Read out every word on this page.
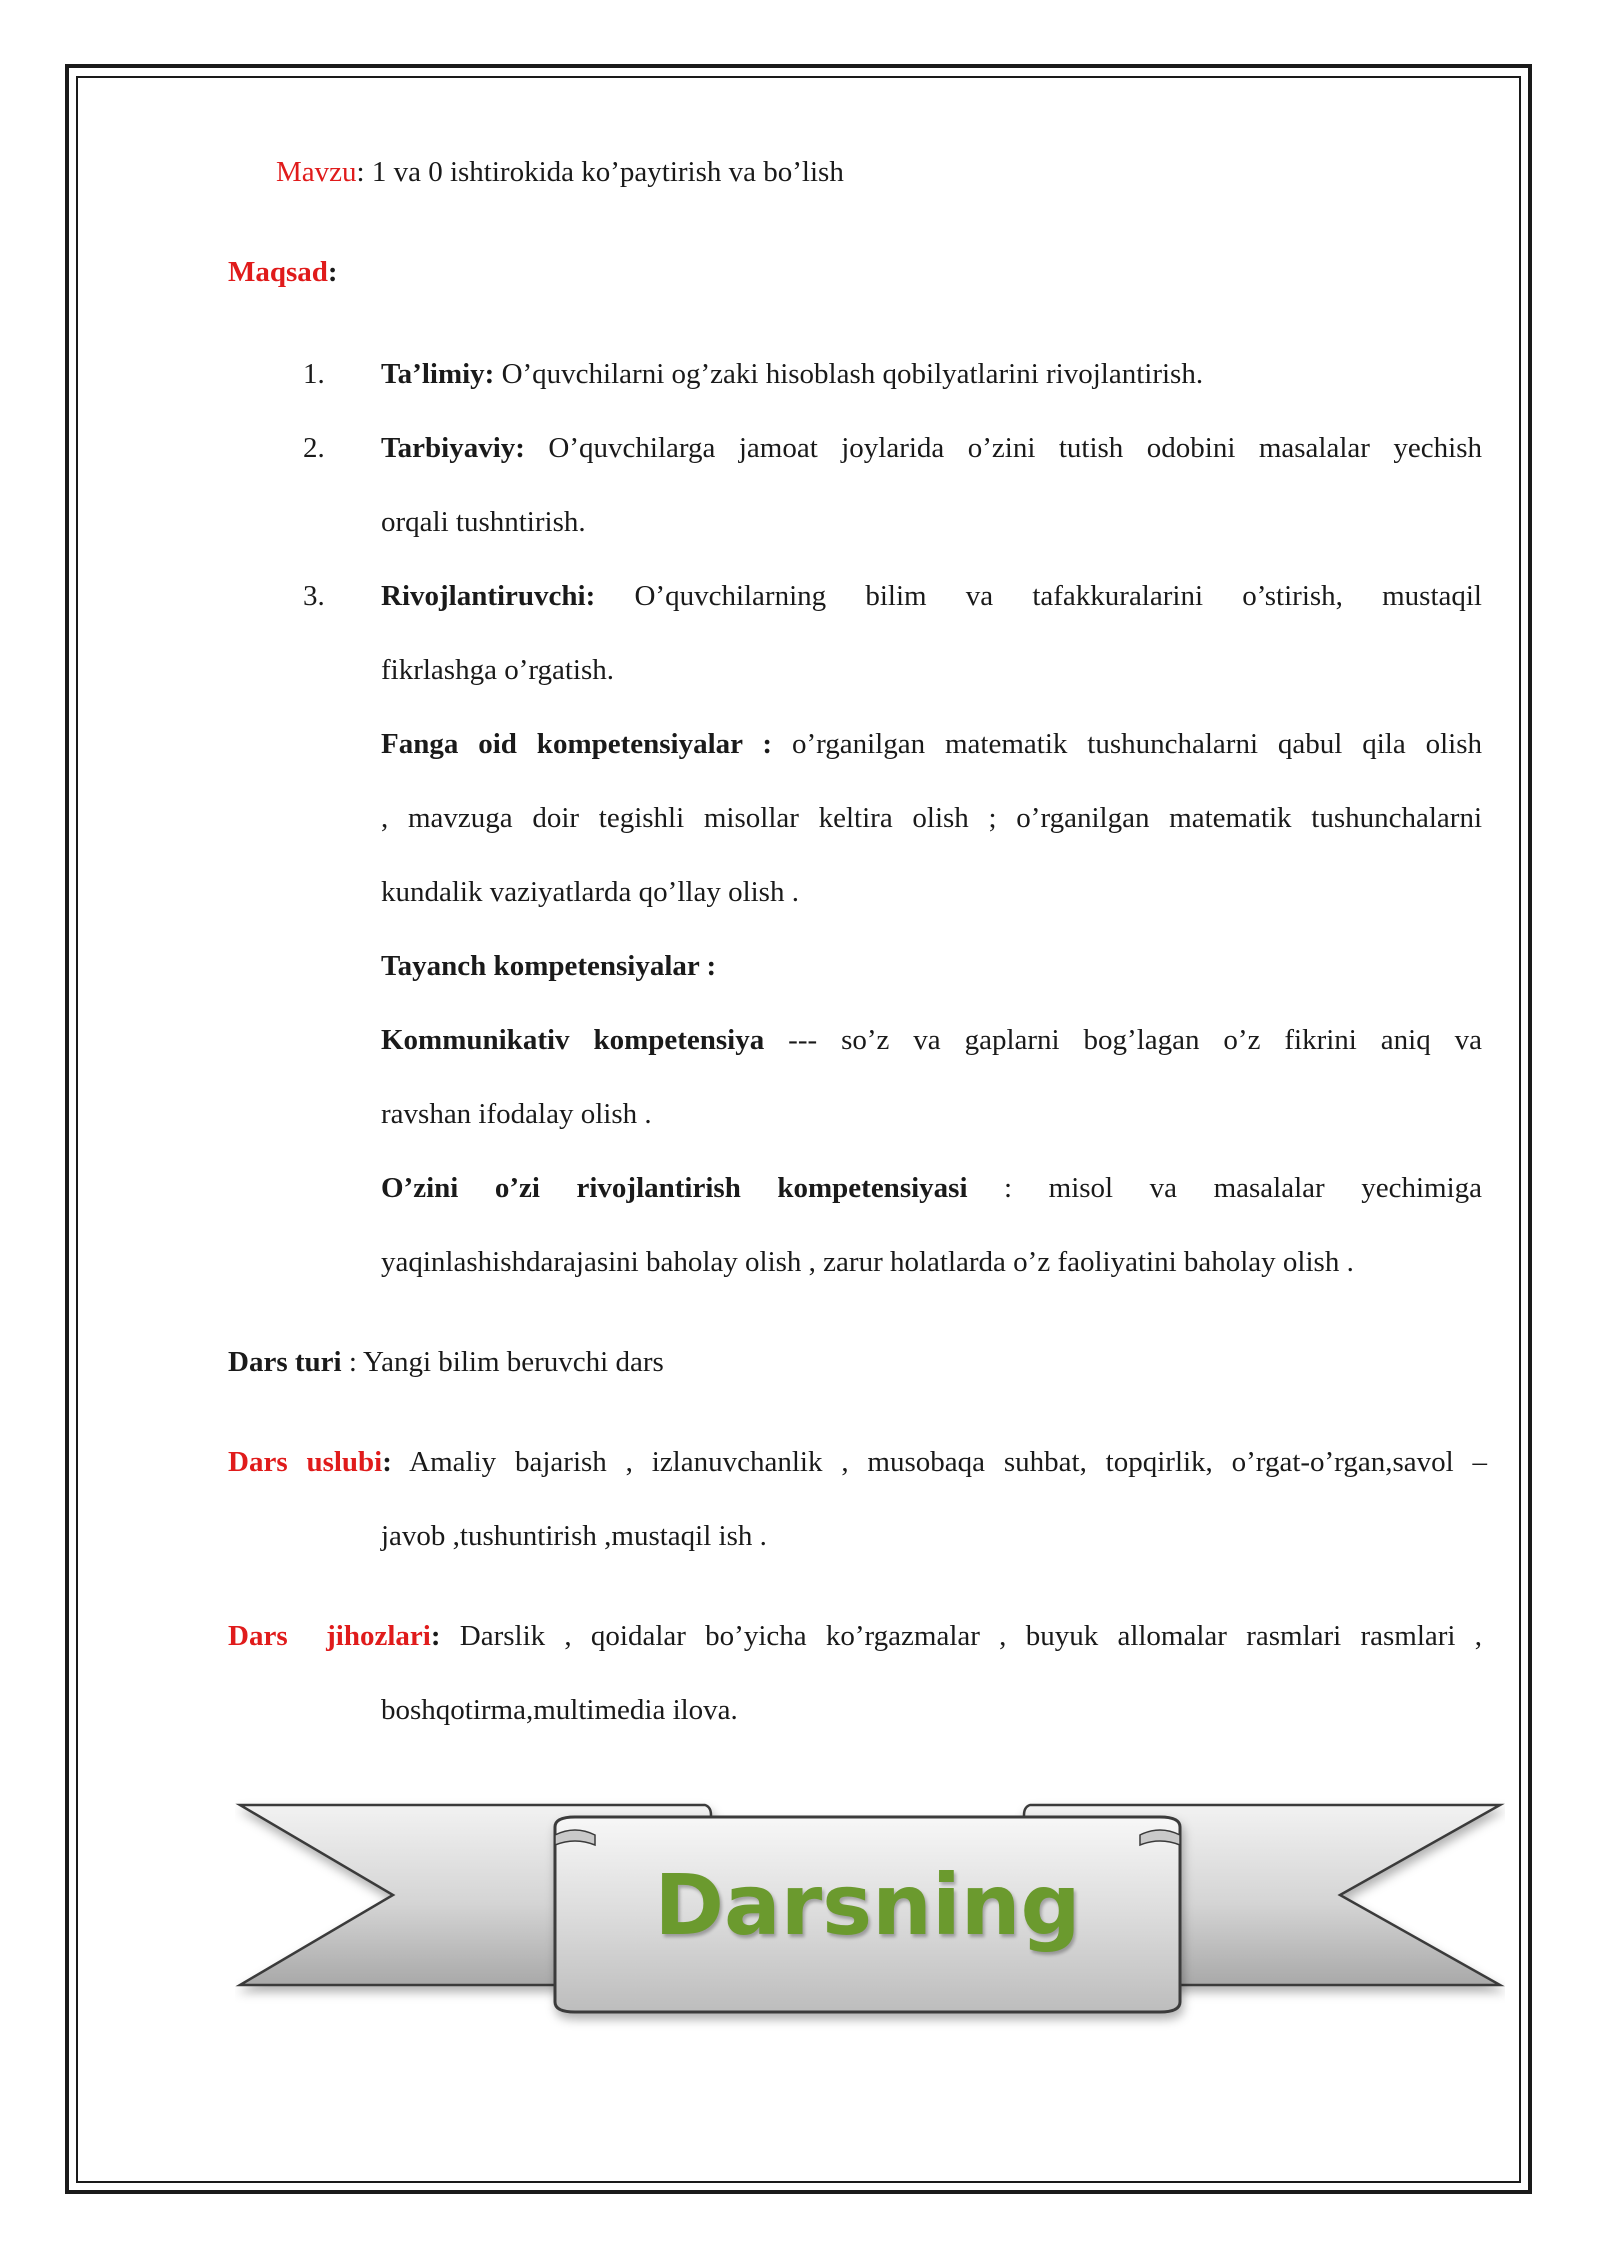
Mavzu: 1 va 0 ishtirokida ko’paytirish va bo’lish
Maqsad:
1. Ta’limiy: O’quvchilarni og’zaki hisoblash qobilyatlarini rivojlantirish.
2. Tarbiyaviy: O’quvchilarga jamoat joylarida o’zini tutish odobini masalalar yechish
orqali tushntirish.
3. Rivojlantiruvchi: O’quvchilarning bilim va tafakkuralarini o’stirish, mustaqil
fikrlashga o’rgatish.
Fanga oid kompetensiyalar : o’rganilgan matematik tushunchalarni qabul qila olish
, mavzuga doir tegishli misollar keltira olish ; o’rganilgan matematik tushunchalarni
kundalik vaziyatlarda qo’llay olish .
Tayanch kompetensiyalar :
Kommunikativ kompetensiya --- so’z va gaplarni bog’lagan o’z fikrini aniq va
ravshan ifodalay olish .
O’zini o’zi rivojlantirish kompetensiyasi : misol va masalalar yechimiga
yaqinlashishdarajasini baholay olish , zarur holatlarda o’z faoliyatini baholay olish .
Dars turi : Yangi bilim beruvchi dars
Dars uslubi: Amaliy bajarish , izlanuvchanlik , musobaqa suhbat, topqirlik, o’rgat-o’rgan,savol –
javob ,tushuntirish ,mustaqil ish .
Dars  jihozlari: Darslik , qoidalar bo’yicha ko’rgazmalar , buyuk allomalar rasmlari rasmlari ,
boshqotirma,multimedia ilova.
Darsning
